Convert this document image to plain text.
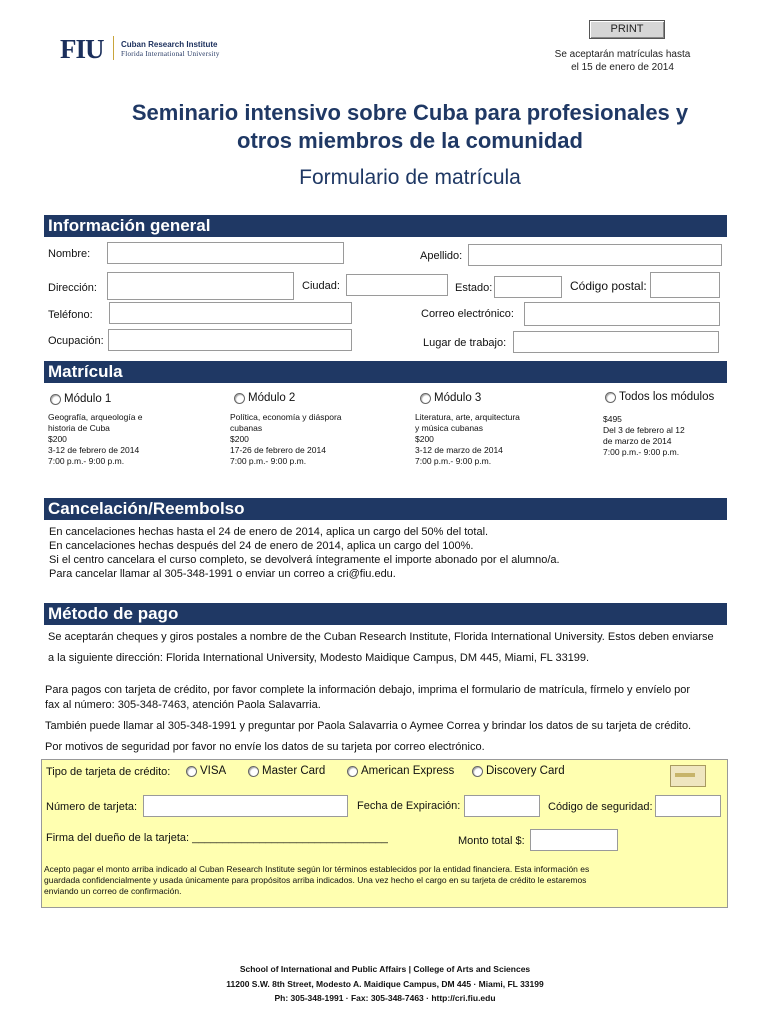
PRINT
Se aceptarán matrículas hasta
el 15 de enero de 2014
FIU Cuban Research Institute
Florida International University
Seminario intensivo sobre Cuba para profesionales y
otros miembros de la comunidad
Formulario de matrícula
Información general
Nombre:	Apellido:
Dirección:	Ciudad:	Estado:	Código postal:
Teléfono:	Correo electrónico:
Ocupación:	Lugar de trabajo:
Matrícula
Módulo 1
Geografía, arqueología e
historia de Cuba
$200
3-12 de febrero de 2014
7:00 p.m.- 9:00 p.m.
Módulo 2
Política, economía y diáspora
cubanas
$200
17-26 de febrero de 2014
7:00 p.m.- 9:00 p.m.
Módulo 3
Literatura, arte, arquitectura
y música cubanas
$200
3-12 de marzo de 2014
7:00 p.m.- 9:00 p.m.
Todos los módulos
$495
Del 3 de febrero al 12
de marzo de 2014
7:00 p.m.- 9:00 p.m.
Cancelación/Reembolso
En cancelaciones hechas hasta el 24 de enero de 2014, aplica un cargo del 50% del total.
En cancelaciones hechas después del 24 de enero de 2014, aplica un cargo del 100%.
Si el centro cancelara el curso completo, se devolverá íntegramente el importe abonado por el alumno/a.
Para cancelar llamar al 305-348-1991 o enviar un correo a cri@fiu.edu.
Método de pago
Se aceptarán cheques y giros postales a nombre de the Cuban Research Institute, Florida International University. Estos deben enviarse
a la siguiente dirección: Florida International University, Modesto Maidique Campus, DM 445, Miami, FL 33199.
Para pagos con tarjeta de crédito, por favor complete la información debajo, imprima el formulario de matrícula, fírmelo y envíelo por
fax al número: 305-348-7463, atención Paola Salavarria.
También puede llamar al 305-348-1991 y preguntar por Paola Salavarria o Aymee Correa y brindar los datos de su tarjeta de crédito.
Por motivos de seguridad por favor no envíe los datos de su tarjeta por correo electrónico.
Tipo de tarjeta de crédito:	VISA	Master Card	American Express	Discovery Card
Número de tarjeta:	Fecha de Expiración:	Código de seguridad:
Firma del dueño de la tarjeta: ________________________________	Monto total $:
Acepto pagar el monto arriba indicado al Cuban Research Institute según lor términos establecidos por la entidad financiera. Esta información es
guardada confidencialmente y usada únicamente para propósitos arriba indicados. Una vez hecho el cargo en su tarjeta de crédito le estaremos
enviando un correo de confirmación.
School of International and Public Affairs | College of Arts and Sciences
11200 S.W. 8th Street, Modesto A. Maidique Campus, DM 445 · Miami, FL 33199
Ph: 305-348-1991 · Fax: 305-348-7463 · http://cri.fiu.edu
